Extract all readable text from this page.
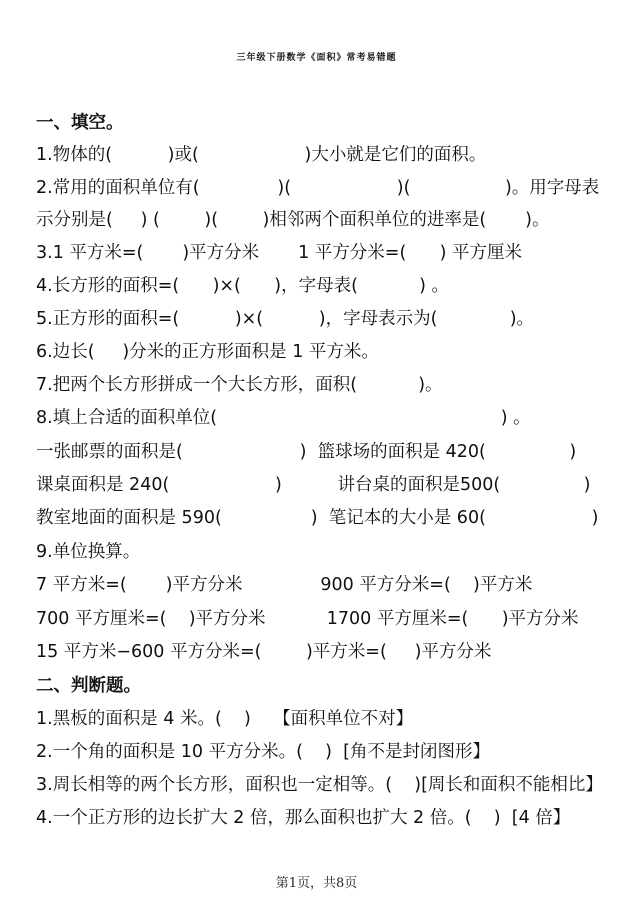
三年级下册数学《面积》常考易错题
一、填空。
1.物体的(          )或(                   )大小就是它们的面积。
2.常用的面积单位有(              )(                   )(                 )。用字母表
示分别是(     ) (        )(        )相邻两个面积单位的进率是(       )。
3.1 平方米=(       )平方分米       1 平方分米=(      ) 平方厘米
4.长方形的面积=(      )×(      )，字母表(           ) 。
5.正方形的面积=(          )×(          )，字母表示为(             )。
6.边长(     )分米的正方形面积是 1 平方米。
7.把两个长方形拼成一个大长方形，面积(           )。
8.填上合适的面积单位(                                                   ) 。
一张邮票的面积是(                     )  篮球场的面积是 420(               )
课桌面积是 240(                   )          讲台桌的面积是500(               )
教室地面的面积是 590(                )  笔记本的大小是 60(                   )
9.单位换算。
7 平方米=(       )平方分米              900 平方分米=(    )平方米
700 平方厘米=(    )平方分米           1700 平方厘米=(      )平方分米
15 平方米−600 平方分米=(        )平方米=(     )平方分米
二、判断题。
1.黑板的面积是 4 米。(    )    【面积单位不对】
2.一个角的面积是 10 平方分米。(    )  [角不是封闭图形】
3.周长相等的两个长方形，面积也一定相等。(    )[周长和面积不能相比】
4.一个正方形的边长扩大 2 倍，那么面积也扩大 2 倍。(    )  [4 倍】
第1页，共8页
